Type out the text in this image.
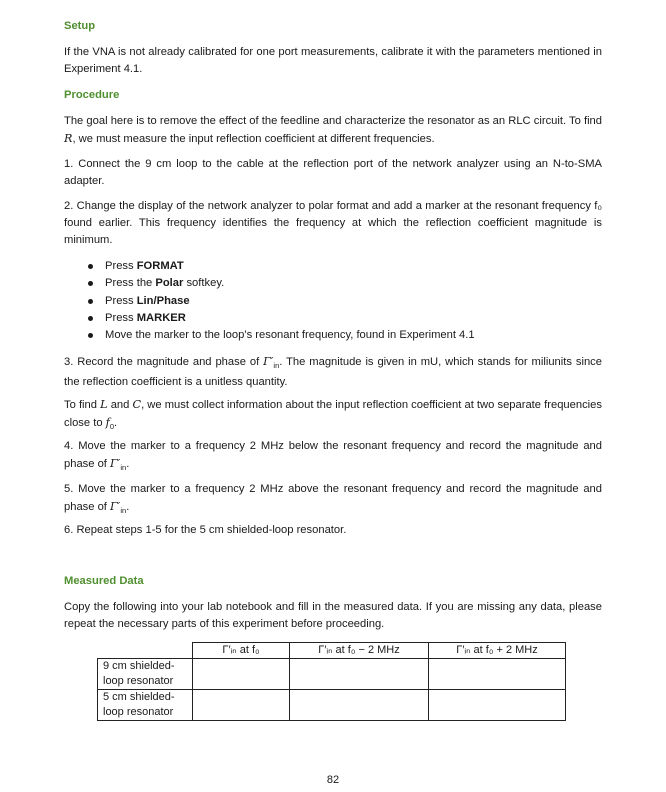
Setup

If the VNA is not already calibrated for one port measurements, calibrate it with the parameters mentioned in Experiment 4.1.

Procedure

The goal here is to remove the effect of the feedline and characterize the resonator as an RLC circuit. To find R, we must measure the input reflection coefficient at different frequencies.

1. Connect the 9 cm loop to the cable at the reflection port of the network analyzer using an N-to-SMA adapter.

2. Change the display of the network analyzer to polar format and add a marker at the resonant frequency f₀ found earlier. This frequency identifies the frequency at which the reflection coefficient magnitude is minimum.

Press FORMAT
Press the Polar softkey.
Press Lin/Phase
Press MARKER
Move the marker to the loop’s resonant frequency, found in Experiment 4.1

3. Record the magnitude and phase of $\Gamma'_{in}$. The magnitude is given in mU, which stands for miliunits since the reflection coefficient is a unitless quantity.

To find L and C, we must collect information about the input reflection coefficient at two separate frequencies close to $f_0$.

4. Move the marker to a frequency 2 MHz below the resonant frequency and record the magnitude and phase of $\Gamma'_{in}$.

5. Move the marker to a frequency 2 MHz above the resonant frequency and record the magnitude and phase of $\Gamma'_{in}$.

6. Repeat steps 1-5 for the 5 cm shielded-loop resonator.

Measured Data

Copy the following into your lab notebook and fill in the measured data. If you are missing any data, please repeat the necessary parts of this experiment before proceeding.

	Γ′ᵢₙ at f₀	Γ′ᵢₙ at f₀ − 2 MHz	Γ′ᵢₙ at f₀ + 2 MHz
9 cm shielded-loop resonator			
5 cm shielded-loop resonator			

82
